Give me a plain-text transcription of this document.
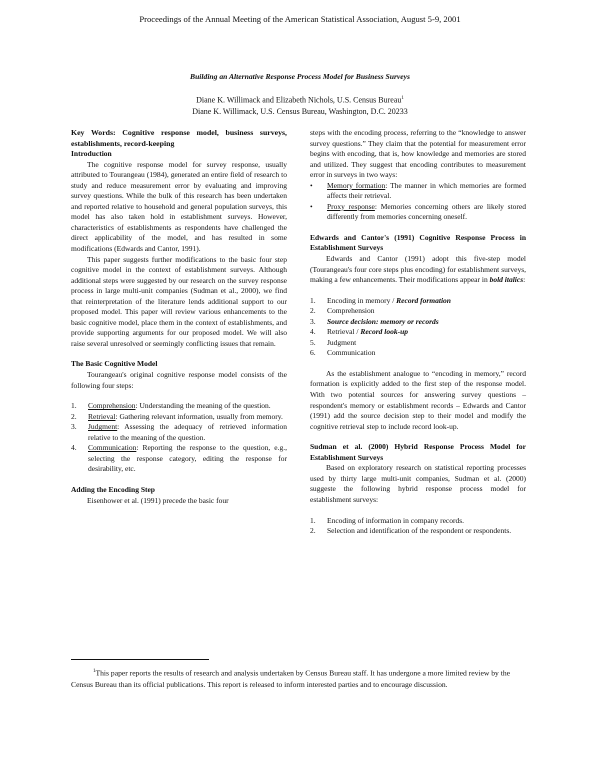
Proceedings of the Annual Meeting of the American Statistical Association, August 5-9, 2001
Building an Alternative Response Process Model for Business Surveys
Diane K. Willimack and Elizabeth Nichols, U.S. Census Bureau$^1$
Diane K. Willimack, U.S. Census Bureau, Washington, D.C. 20233

Key Words: Cognitive response model, business surveys, establishments, record-keeping

Introduction

The cognitive response model for survey response, usually attributed to Tourangeau (1984), generated an entire field of research to study and reduce measurement error by evaluating and improving survey questions. While the bulk of this research has been undertaken and reported relative to household and general population surveys, this model has also taken hold in establishment surveys. However, characteristics of establishments as respondents have challenged the direct applicability of the model, and has resulted in some modifications (Edwards and Cantor, 1991).

This paper suggests further modifications to the basic four step cognitive model in the context of establishment surveys. Although additional steps were suggested by our research on the survey response process in large multi-unit companies (Sudman et al., 2000), we find that reinterpretation of the literature lends additional support to our proposed model. This paper will review various enhancements to the basic cognitive model, place them in the context of establishments, and provide supporting arguments for our proposed model. We will also raise several unresolved or seemingly conflicting issues that remain.

The Basic Cognitive Model

Tourangeau's original cognitive response model consists of the following four steps:

1. Comprehension: Understanding the meaning of the question.
2. Retrieval: Gathering relevant information, usually from memory.
3. Judgment: Assessing the adequacy of retrieved information relative to the meaning of the question.
4. Communication: Reporting the response to the question, e.g., selecting the response category, editing the response for desirability, etc.

Adding the Encoding Step

Eisenhower et al. (1991) precede the basic four

steps with the encoding process, referring to the “knowledge to answer survey questions.” They claim that the potential for measurement error begins with encoding, that is, how knowledge and memories are stored and utilized. They suggest that encoding contributes to measurement error in surveys in two ways:

• Memory formation: The manner in which memories are formed affects their retrieval.
• Proxy response: Memories concerning others are likely stored differently from memories concerning oneself.

Edwards and Cantor's (1991) Cognitive Response Process in Establishment Surveys

Edwards and Cantor (1991) adopt this five-step model (Tourangeau's four core steps plus encoding) for establishment surveys, making a few enhancements. Their modifications appear in bold italics:

1. Encoding in memory / Record formation
2. Comprehension
3. Source decision: memory or records
4. Retrieval / Record look-up
5. Judgment
6. Communication

As the establishment analogue to “encoding in memory,” record formation is explicitly added to the first step of the response model. With two potential sources for answering survey questions – respondent's memory or establishment records – Edwards and Cantor (1991) add the source decision step to their model and modify the cognitive retrieval step to include record look-up.

Sudman et al. (2000) Hybrid Response Process Model for Establishment Surveys

Based on exploratory research on statistical reporting processes used by thirty large multi-unit companies, Sudman et al. (2000) suggeste the following hybrid response process model for establishment surveys:

1. Encoding of information in company records.
2. Selection and identification of the respondent or respondents.
$^1$This paper reports the results of research and analysis undertaken by Census Bureau staff. It has undergone a more limited review by the Census Bureau than its official publications. This report is released to inform interested parties and to encourage discussion.
